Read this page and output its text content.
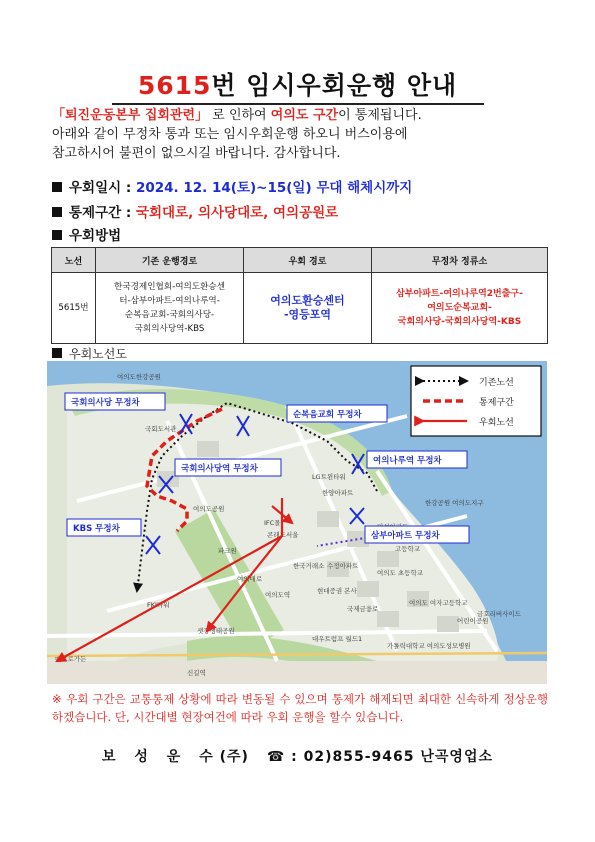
5615번 임시우회운행 안내
「퇴진운동본부 집회관련」 로 인하여 여의도 구간이 통제됩니다.
아래와 같이 무정차 통과 또는 임시우회운행 하오니 버스이용에
참고하시어 불편이 없으시길 바랍니다. 감사합니다.
우회일시 : 2024. 12. 14(토)~15(일) 무대 해체시까지
통제구간 : 국회대로, 의사당대로, 여의공원로
우회방법
노선	기존 운행경로	우회 경로	무정차 정류소
5615번	한국경제인협회-여의도환승센
터-삼부아파트-여의나루역-
순복음교회-국회의사당-
국회의사당역-KBS	여의도환승센터
-영등포역	삼부아파트-여의나루역2번출구-
여의도순복교회-
국회의사당-국회의사당역-KBS
우회노선도
여의도한강공원
국회도서관
여의도공원
IFC몰
콘래드서울
LG트윈타워
한강공원 여의도지구
한국거래소
여의도역	현대증권 본사
대우트럼프 월드1
신길역
메트로가든
샛강생태공원
가톨릭대학교 여의도성모병원
파크원
FKI타워
금호리버사이드
고등학교
여의도 초등학교
한양아파트
수정아파트
국제금융로
여의대로
여의도 여자고등학교
어린이공원
국회의사당 무정차
순복음교회 무정차
국회의사당역 무정차
여의나루역 무정차
KBS 무정차
삼부아파트 무정차
기존노선
통제구간
우회노선
※ 우회 구간은 교통통제 상황에 따라 변동될 수 있으며 통제가 해제되면 최대한 신속하게 정상운행 하겠습니다. 단, 시간대별 현장여건에 따라 우회 운행을 할수 있습니다.
보 성 운 수 (주) ☎ : 02)855-9465 난곡영업소
